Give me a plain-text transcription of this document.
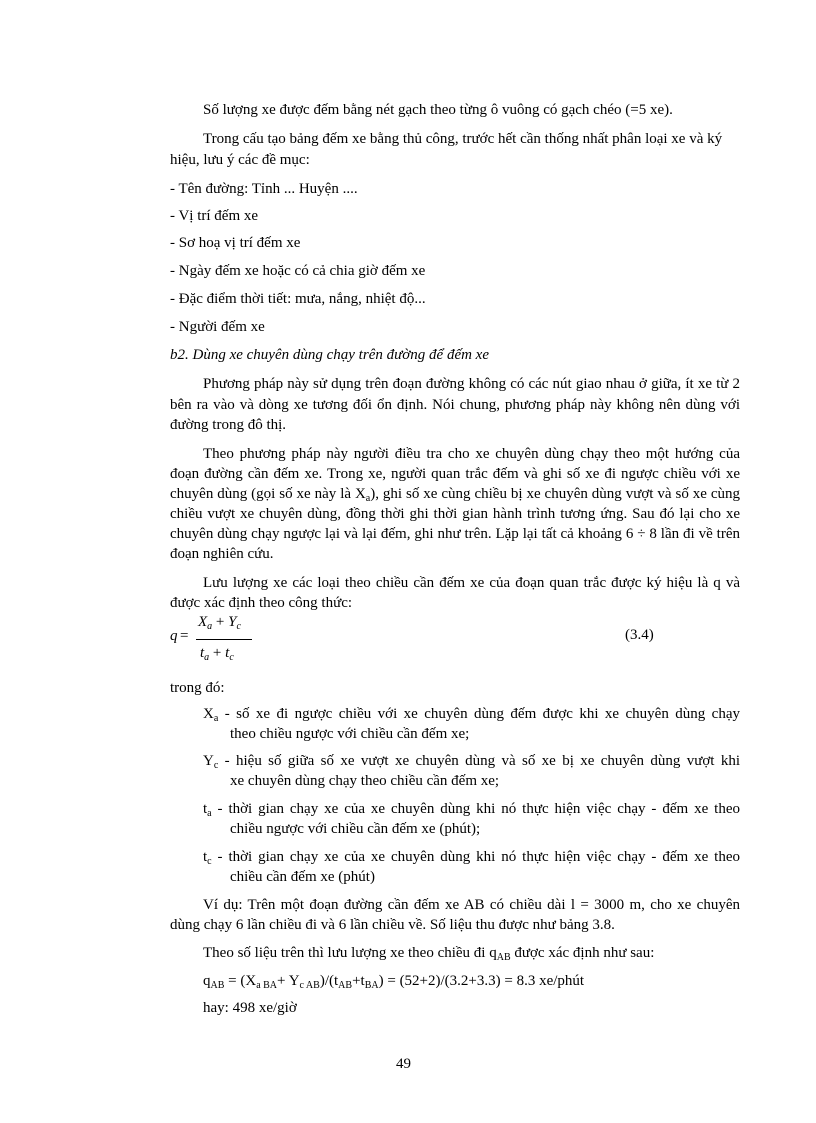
Số lượng xe được đếm bằng nét gạch theo từng ô vuông có gạch chéo (=5 xe).
Trong cấu tạo bảng đếm xe bằng thủ công, trước hết cần thống nhất phân loại xe và ký
hiệu, lưu ý các đề mục:
- Tên đường: Tỉnh ... Huyện ....
- Vị trí đếm xe
- Sơ hoạ vị trí đếm xe
- Ngày đếm xe hoặc có cả chia giờ đếm xe
- Đặc điểm thời tiết: mưa, nắng, nhiệt độ...
- Người đếm xe
b2. Dùng xe chuyên dùng chạy trên đường để đếm xe
Phương pháp này sử dụng trên đoạn đường không có các nút giao nhau ở giữa, ít xe từ 2
bên ra vào và dòng xe tương đối ổn định. Nói chung, phương pháp này không nên dùng với
đường trong đô thị.
Theo phương pháp này người điều tra cho xe chuyên dùng chạy theo một hướng của
đoạn đường cần đếm xe. Trong xe, người quan trắc đếm và ghi số xe đi ngược chiều với xe
chuyên dùng (gọi số xe này là $X_a$), ghi số xe cùng chiều bị xe chuyên dùng vượt và số xe cùng
chiều vượt xe chuyên dùng, đồng thời ghi thời gian hành trình tương ứng. Sau đó lại cho xe
chuyên dùng chạy ngược lại và lại đếm, ghi như trên. Lặp lại tất cả khoảng 6 ÷ 8 lần đi về trên
đoạn nghiên cứu.
Lưu lượng xe các loại theo chiều cần đếm xe của đoạn quan trắc được ký hiệu là q và
được xác định theo công thức:
q =
$X_a + Y_c$
$t_a + t_c$
(3.4)
trong đó:
$X_a$ - số xe đi ngược chiều với xe chuyên dùng đếm được khi xe chuyên dùng chạy
theo chiều ngược với chiều cần đếm xe;
$Y_c$ - hiệu số giữa số xe vượt xe chuyên dùng và số xe bị xe chuyên dùng vượt khi
xe chuyên dùng chạy theo chiều cần đếm xe;
$t_a$ - thời gian chạy xe của xe chuyên dùng khi nó thực hiện việc chạy - đếm xe theo
chiều ngược với chiều cần đếm xe (phút);
$t_c$ - thời gian chạy xe của xe chuyên dùng khi nó thực hiện việc chạy - đếm xe theo
chiều cần đếm xe (phút)
Ví dụ: Trên một đoạn đường cần đếm xe AB có chiều dài l = 3000 m, cho xe chuyên
dùng chạy 6 lần chiều đi và 6 lần chiều về. Số liệu thu được như bảng 3.8.
Theo số liệu trên thì lưu lượng xe theo chiều đi $q_{AB}$ được xác định như sau:
$q_{AB} = (X_{a BA}+ Y_{c AB})/(t_{AB}+t_{BA}) = (52+2)/(3.2+3.3) = 8.3$ xe/phút
hay: 498 xe/giờ
49
